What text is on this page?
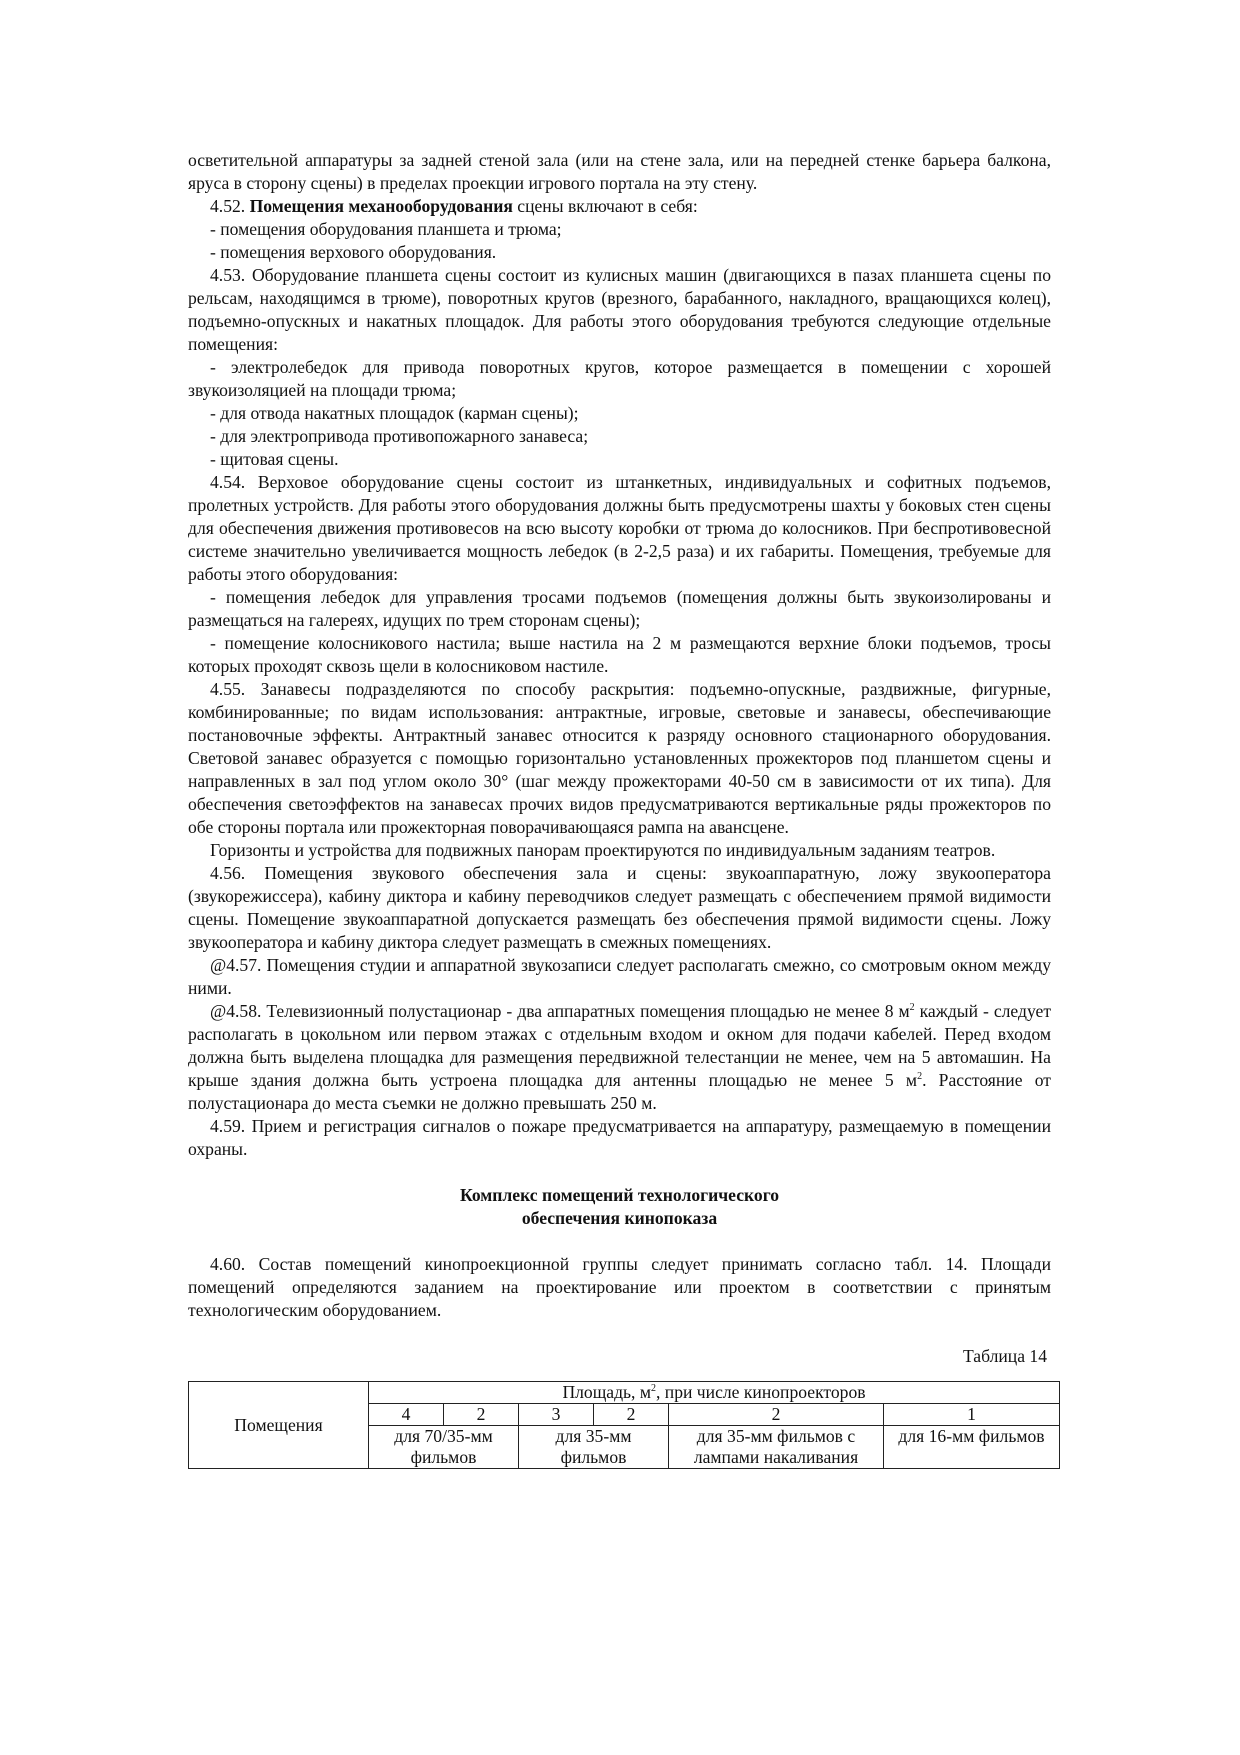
осветительной аппаратуры за задней стеной зала (или на стене зала, или на передней стенке барьера балкона, яруса в сторону сцены) в пределах проекции игрового портала на эту стену.

4.52. Помещения механооборудования сцены включают в себя:

- помещения оборудования планшета и трюма;

- помещения верхового оборудования.

4.53. Оборудование планшета сцены состоит из кулисных машин (двигающихся в пазах планшета сцены по рельсам, находящимся в трюме), поворотных кругов (врезного, барабанного, накладного, вращающихся колец), подъемно-опускных и накатных площадок. Для работы этого оборудования требуются следующие отдельные помещения:

- электролебедок для привода поворотных кругов, которое размещается в помещении с хорошей звукоизоляцией на площади трюма;

- для отвода накатных площадок (карман сцены);

- для электропривода противопожарного занавеса;

- щитовая сцены.

4.54. Верховое оборудование сцены состоит из штанкетных, индивидуальных и софитных подъемов, пролетных устройств. Для работы этого оборудования должны быть предусмотрены шахты у боковых стен сцены для обеспечения движения противовесов на всю высоту коробки от трюма до колосников. При беспротивовесной системе значительно увеличивается мощность лебедок (в 2-2,5 раза) и их габариты. Помещения, требуемые для работы этого оборудования:

- помещения лебедок для управления тросами подъемов (помещения должны быть звукоизолированы и размещаться на галереях, идущих по трем сторонам сцены);

- помещение колосникового настила; выше настила на 2 м размещаются верхние блоки подъемов, тросы которых проходят сквозь щели в колосниковом настиле.

4.55. Занавесы подразделяются по способу раскрытия: подъемно-опускные, раздвижные, фигурные, комбинированные; по видам использования: антрактные, игровые, световые и занавесы, обеспечивающие постановочные эффекты. Антрактный занавес относится к разряду основного стационарного оборудования. Световой занавес образуется с помощью горизонтально установленных прожекторов под планшетом сцены и направленных в зал под углом около 30° (шаг между прожекторами 40-50 см в зависимости от их типа). Для обеспечения светоэффектов на занавесах прочих видов предусматриваются вертикальные ряды прожекторов по обе стороны портала или прожекторная поворачивающаяся рампа на авансцене.

Горизонты и устройства для подвижных панорам проектируются по индивидуальным заданиям театров.

4.56. Помещения звукового обеспечения зала и сцены: звукоаппаратную, ложу звукооператора (звукорежиссера), кабину диктора и кабину переводчиков следует размещать с обеспечением прямой видимости сцены. Помещение звукоаппаратной допускается размещать без обеспечения прямой видимости сцены. Ложу звукооператора и кабину диктора следует размещать в смежных помещениях.

@4.57. Помещения студии и аппаратной звукозаписи следует располагать смежно, со смотровым окном между ними.

@4.58. Телевизионный полустационар - два аппаратных помещения площадью не менее 8 $м^2$ каждый - следует располагать в цокольном или первом этажах с отдельным входом и окном для подачи кабелей. Перед входом должна быть выделена площадка для размещения передвижной телестанции не менее, чем на 5 автомашин. На крыше здания должна быть устроена площадка для антенны площадью не менее 5 $м^2$. Расстояние от полустационара до места съемки не должно превышать 250 м.

4.59. Прием и регистрация сигналов о пожаре предусматривается на аппаратуру, размещаемую в помещении охраны.

Комплекс помещений технологического
обеспечения кинопоказа

4.60. Состав помещений кинопроекционной группы следует принимать согласно табл. 14. Площади помещений определяются заданием на проектирование или проектом в соответствии с принятым технологическим оборудованием.

Таблица 14

Помещения	Площадь, $м^2$, при числе кинопроекторов					
	4	2	3	2	2	1
	для 70/35-мм фильмов		для 35-мм фильмов		для 35-мм фильмов с лампами накаливания	для 16-мм фильмов
